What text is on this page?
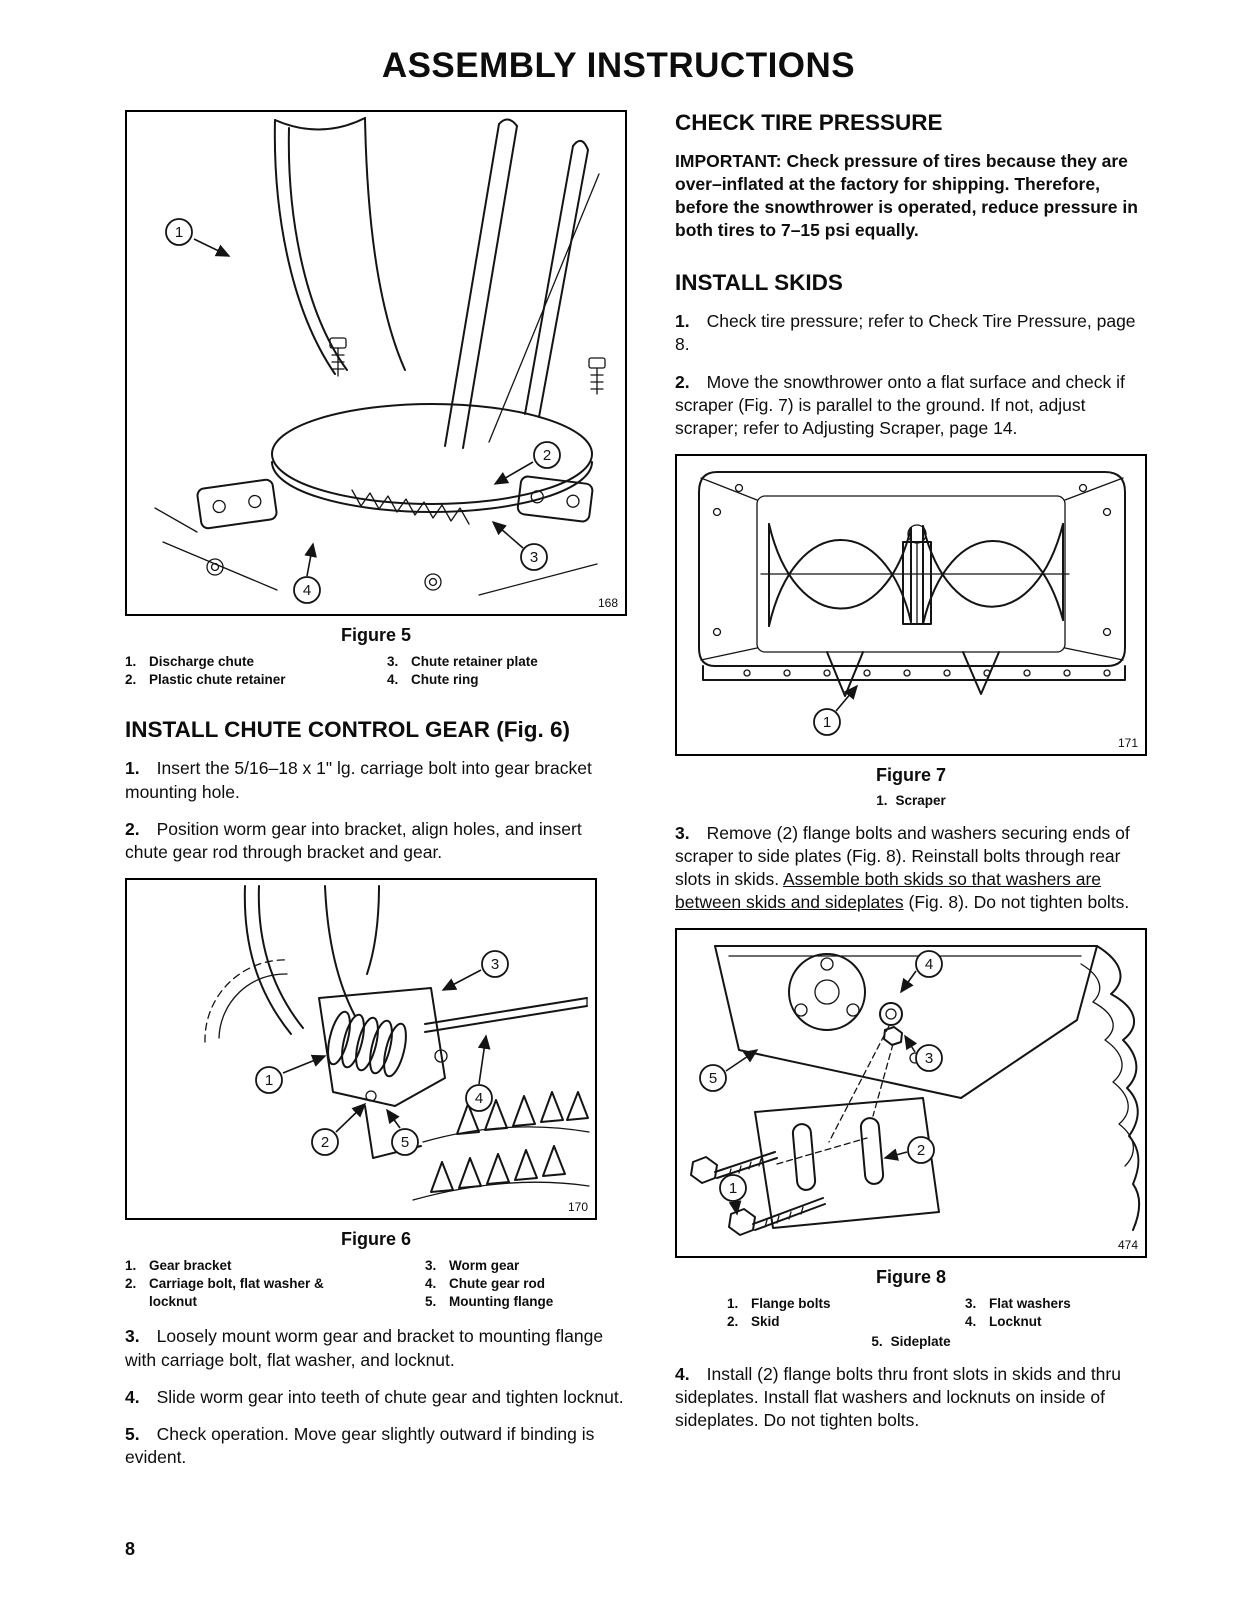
ASSEMBLY INSTRUCTIONS
1
2
3
4
168
Figure 5
1. Discharge chute
2. Plastic chute retainer
3. Chute retainer plate
4. Chute ring
INSTALL CHUTE CONTROL GEAR (Fig. 6)

1. Insert the 5/16–18 x 1" lg. carriage bolt into gear bracket mounting hole.

2. Position worm gear into bracket, align holes, and insert chute gear rod through bracket and gear.

1
2
3
4
5
170
Figure 6
1. Gear bracket
2. Carriage bolt, flat washer & locknut
3. Worm gear
4. Chute gear rod
5. Mounting flange

3. Loosely mount worm gear and bracket to mounting flange with carriage bolt, flat washer, and locknut.

4. Slide worm gear into teeth of chute gear and tighten locknut.

5. Check operation. Move gear slightly outward if binding is evident.

CHECK TIRE PRESSURE

IMPORTANT: Check pressure of tires because they are over–inflated at the factory for shipping. Therefore, before the snowthrower is operated, reduce pressure in both tires to 7–15 psi equally.

INSTALL SKIDS

1. Check tire pressure; refer to Check Tire Pressure, page 8.

2. Move the snowthrower onto a flat surface and check if scraper (Fig. 7) is parallel to the ground. If not, adjust scraper; refer to Adjusting Scraper, page 14.

1
171
Figure 7
1. Scraper

3. Remove (2) flange bolts and washers securing ends of scraper to side plates (Fig. 8). Reinstall bolts through rear slots in skids. Assemble both skids so that washers are between skids and sideplates (Fig. 8). Do not tighten bolts.

4
3
5
2
1
474
Figure 8
1. Flange bolts
2. Skid
3. Flat washers
4. Locknut
5. Sideplate

4. Install (2) flange bolts thru front slots in skids and thru sideplates. Install flat washers and locknuts on inside of sideplates. Do not tighten bolts.

8
